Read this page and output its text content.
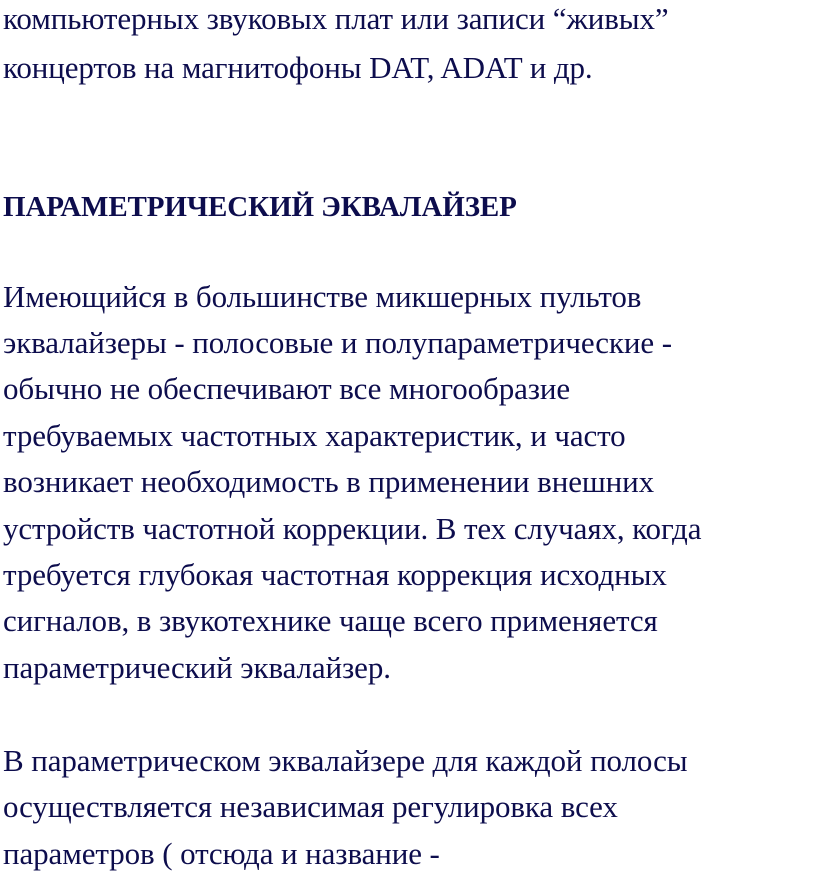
компьютерных звуковых плат или записи “живых”
концертов на магнитофоны DAT, ADAT и др.
ПАРАМЕТРИЧЕСКИЙ ЭКВАЛАЙЗЕР
Имеющийся в большинстве микшерных пультов
эквалайзеры - полосовые и полупараметрические -
обычно не обеспечивают все многообразие
требуваемых частотных характеристик, и часто
возникает необходимость в применении внешних
устройств частотной коррекции. В тех случаях, когда
требуется глубокая частотная коррекция исходных
сигналов, в звукотехнике чаще всего применяется
параметрический эквалайзер.
В параметрическом эквалайзере для каждой полосы
осуществляется независимая регулировка всех
параметров ( отсюда и название -
